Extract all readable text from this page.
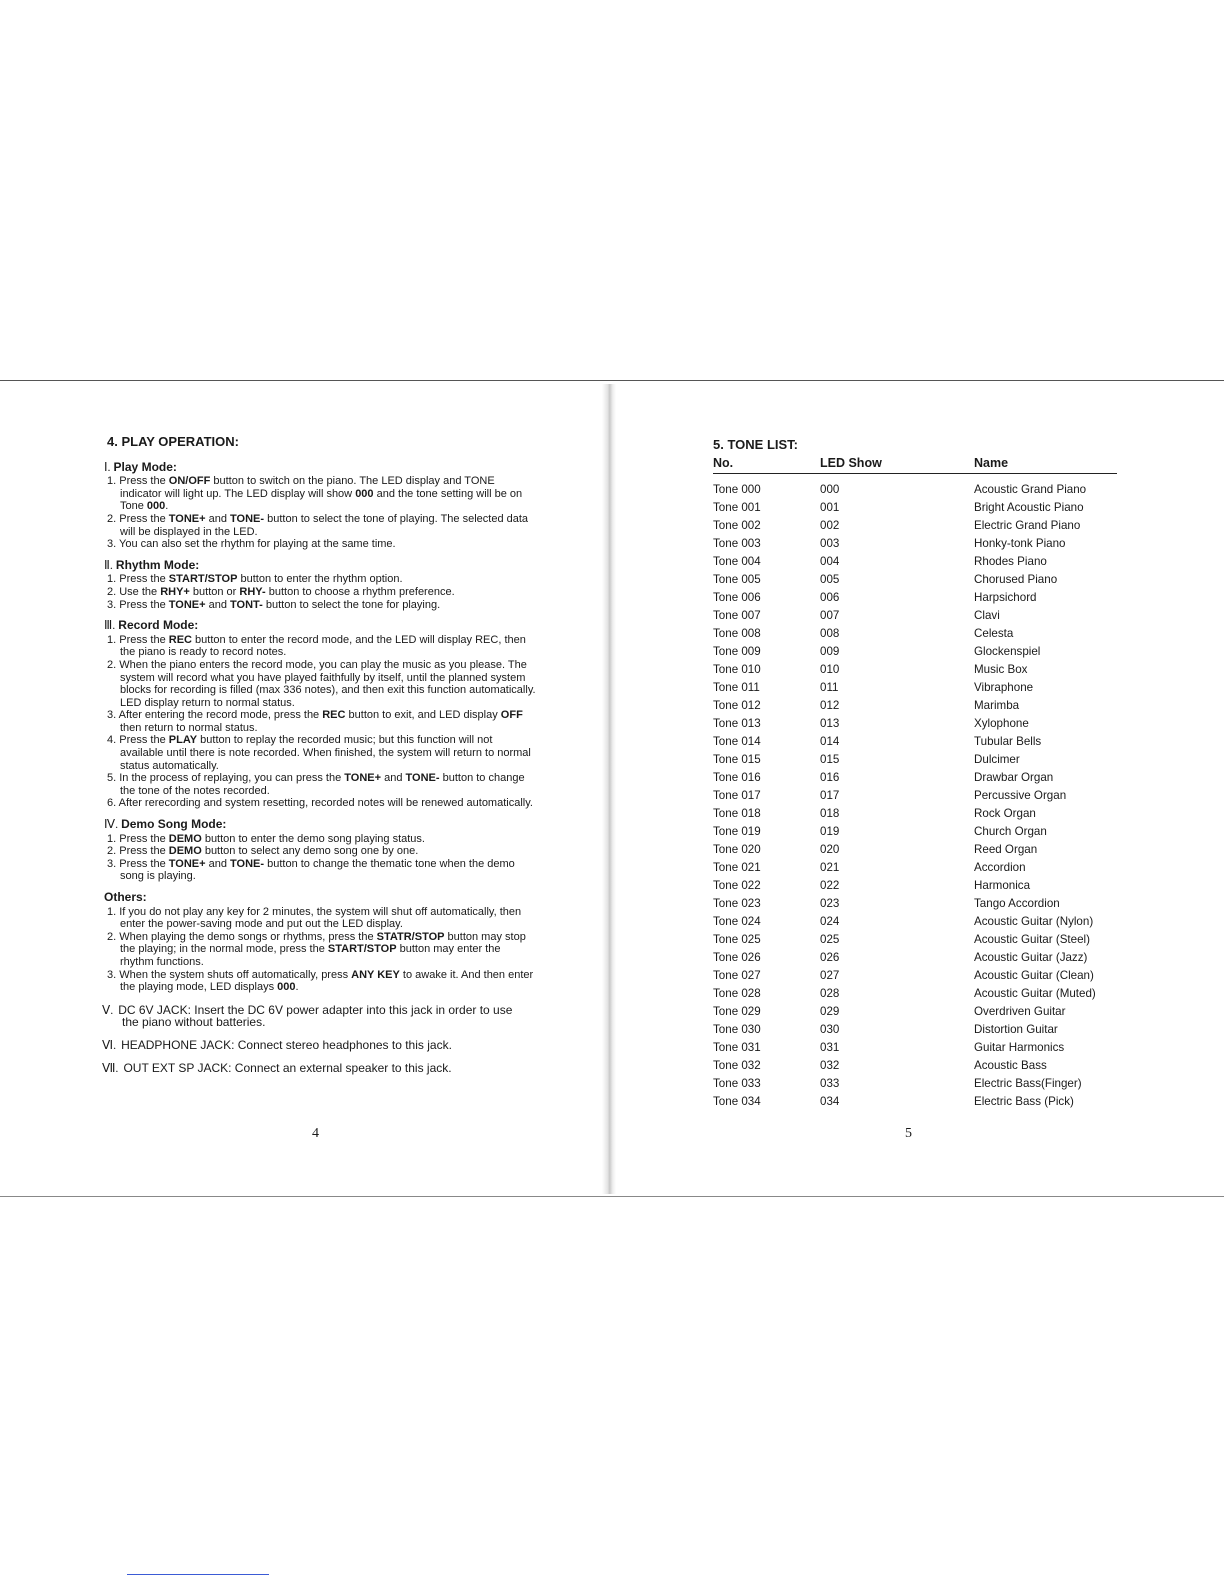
4. PLAY OPERATION:
Ⅰ. Play Mode:
1. Press the ON/OFF button to switch on the piano. The LED display and TONE indicator will light up. The LED display will show 000 and the tone setting will be on Tone 000.
2. Press the TONE+ and TONE- button to select the tone of playing. The selected data will be displayed in the LED.
3. You can also set the rhythm for playing at the same time.
Ⅱ. Rhythm Mode:
1. Press the START/STOP button to enter the rhythm option.
2. Use the RHY+ button or RHY- button to choose a rhythm preference.
3. Press the TONE+ and TONT- button to select the tone for playing.
Ⅲ. Record Mode:
1. Press the REC button to enter the record mode, and the LED will display REC, then the piano is ready to record notes.
2. When the piano enters the record mode, you can play the music as you please. The system will record what you have played faithfully by itself, until the planned system blocks for recording is filled (max 336 notes), and then exit this function automatically. LED display return to normal status.
3. After entering the record mode, press the REC button to exit, and LED display OFF then return to normal status.
4. Press the PLAY button to replay the recorded music; but this function will not available until there is note recorded. When finished, the system will return to normal status automatically.
5. In the process of replaying, you can press the TONE+ and TONE- button to change the tone of the notes recorded.
6. After rerecording and system resetting, recorded notes will be renewed automatically.
Ⅳ. Demo Song Mode:
1. Press the DEMO button to enter the demo song playing status.
2. Press the DEMO button to select any demo song one by one.
3. Press the TONE+ and TONE- button to change the thematic tone when the demo song is playing.
Others:
1. If you do not play any key for 2 minutes, the system will shut off automatically, then enter the power-saving mode and put out the LED display.
2. When playing the demo songs or rhythms, press the STATR/STOP button may stop the playing; in the normal mode, press the START/STOP button may enter the rhythm functions.
3. When the system shuts off automatically, press ANY KEY to awake it. And then enter the playing mode, LED displays 000.
Ⅴ. DC 6V JACK: Insert the DC 6V power adapter into this jack in order to use
the piano without batteries.
Ⅵ. HEADPHONE JACK: Connect stereo headphones to this jack.
Ⅶ. OUT EXT SP JACK: Connect an external speaker to this jack.
4
5. TONE LIST:
No.	LED Show	Name
Tone 000	000	Acoustic Grand Piano
Tone 001	001	Bright Acoustic Piano
Tone 002	002	Electric Grand Piano
Tone 003	003	Honky-tonk Piano
Tone 004	004	Rhodes Piano
Tone 005	005	Chorused Piano
Tone 006	006	Harpsichord
Tone 007	007	Clavi
Tone 008	008	Celesta
Tone 009	009	Glockenspiel
Tone 010	010	Music Box
Tone 011	011	Vibraphone
Tone 012	012	Marimba
Tone 013	013	Xylophone
Tone 014	014	Tubular Bells
Tone 015	015	Dulcimer
Tone 016	016	Drawbar Organ
Tone 017	017	Percussive Organ
Tone 018	018	Rock Organ
Tone 019	019	Church Organ
Tone 020	020	Reed Organ
Tone 021	021	Accordion
Tone 022	022	Harmonica
Tone 023	023	Tango Accordion
Tone 024	024	Acoustic Guitar (Nylon)
Tone 025	025	Acoustic Guitar (Steel)
Tone 026	026	Acoustic Guitar (Jazz)
Tone 027	027	Acoustic Guitar (Clean)
Tone 028	028	Acoustic Guitar (Muted)
Tone 029	029	Overdriven Guitar
Tone 030	030	Distortion Guitar
Tone 031	031	Guitar Harmonics
Tone 032	032	Acoustic Bass
Tone 033	033	Electric Bass(Finger)
Tone 034	034	Electric Bass (Pick)
5
